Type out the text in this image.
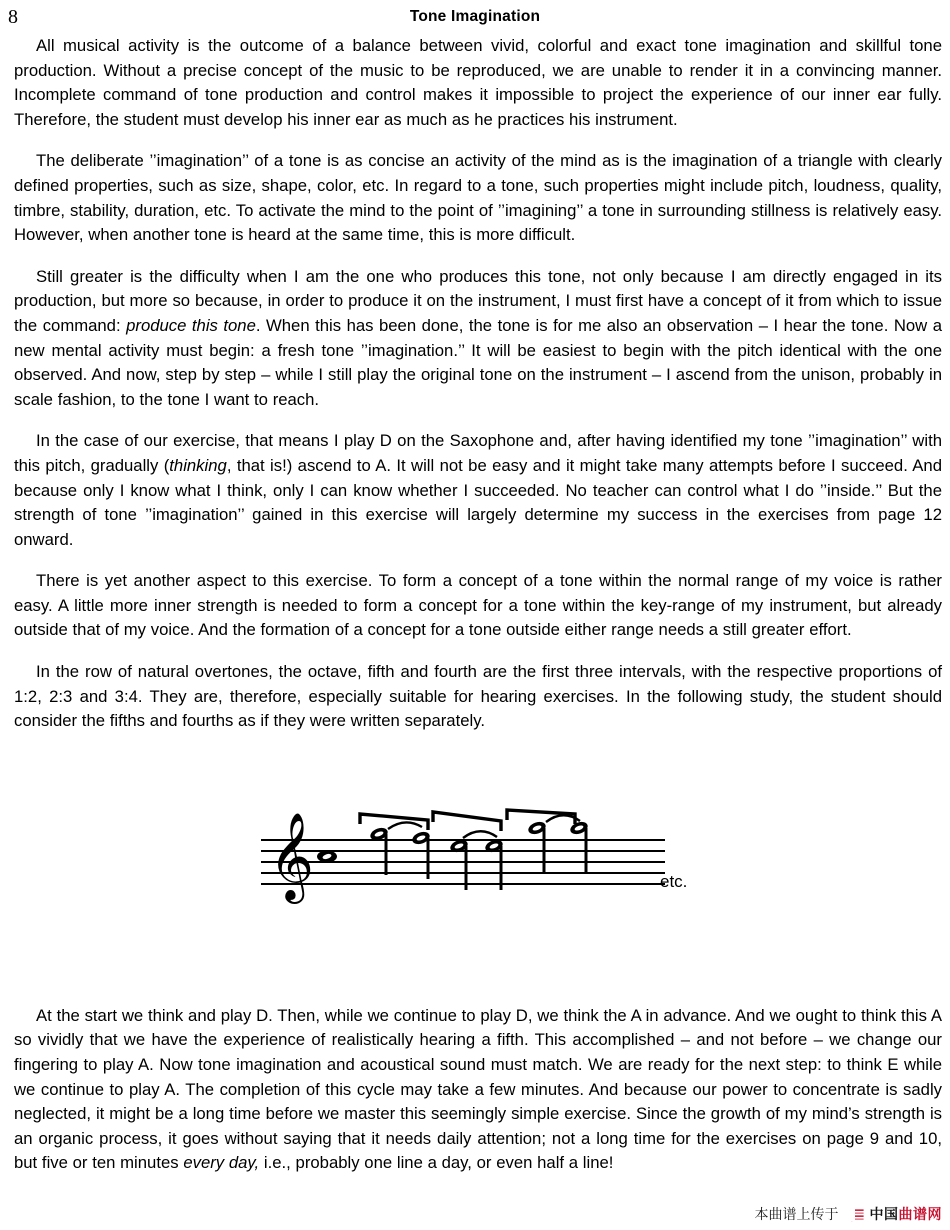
8	Tone Imagination

All musical activity is the outcome of a balance between vivid, colorful and exact tone imagination and skillful tone production. Without a precise concept of the music to be reproduced, we are unable to render it in a convincing manner. Incomplete command of tone production and control makes it impossible to project the experience of our inner ear fully. Therefore, the student must develop his inner ear as much as he practices his instrument.

The deliberate ’’imagination’’ of a tone is as concise an activity of the mind as is the imagination of a triangle with clearly defined properties, such as size, shape, color, etc. In regard to a tone, such properties might include pitch, loudness, quality, timbre, stability, duration, etc. To activate the mind to the point of ’’imagining’’ a tone in surrounding stillness is relatively easy. However, when another tone is heard at the same time, this is more difficult.

Still greater is the difficulty when I am the one who produces this tone, not only because I am directly engaged in its production, but more so because, in order to produce it on the instrument, I must first have a concept of it from which to issue the command: produce this tone. When this has been done, the tone is for me also an observation – I hear the tone. Now a new mental activity must begin: a fresh tone ’’imagination.’’ It will be easiest to begin with the pitch identical with the one observed. And now, step by step – while I still play the original tone on the instrument – I ascend from the unison, probably in scale fashion, to the tone I want to reach.

In the case of our exercise, that means I play D on the Saxophone and, after having identified my tone ’’imagination’’ with this pitch, gradually (thinking, that is!) ascend to A. It will not be easy and it might take many attempts before I succeed. And because only I know what I think, only I can know whether I succeeded. No teacher can control what I do ’’inside.’’ But the strength of tone ’’imagination’’ gained in this exercise will largely determine my success in the exercises from page 12 onward.

There is yet another aspect to this exercise. To form a concept of a tone within the normal range of my voice is rather easy. A little more inner strength is needed to form a concept for a tone within the key-range of my instrument, but already outside that of my voice. And the formation of a concept for a tone outside either range needs a still greater effort.

In the row of natural overtones, the octave, fifth and fourth are the first three intervals, with the respective proportions of 1:2, 2:3 and 3:4. They are, therefore, especially suitable for hearing exercises. In the following study, the student should consider the fifths and fourths as if they were written separately.

𝄞	etc.

At the start we think and play D. Then, while we continue to play D, we think the A in advance. And we ought to think this A so vividly that we have the experience of realistically hearing a fifth. This accomplished – and not before – we change our fingering to play A. Now tone imagination and acoustical sound must match. We are ready for the next step: to think E while we continue to play A. The completion of this cycle may take a few minutes. And because our power to concentrate is sadly neglected, it might be a long time before we master this seemingly simple exercise. Since the growth of my mind’s strength is an organic process, it goes without saying that it needs daily attention; not a long time for the exercises on page 9 and 10, but five or ten minutes every day, i.e., probably one line a day, or even half a line!

本曲谱上传于 中国曲谱网
